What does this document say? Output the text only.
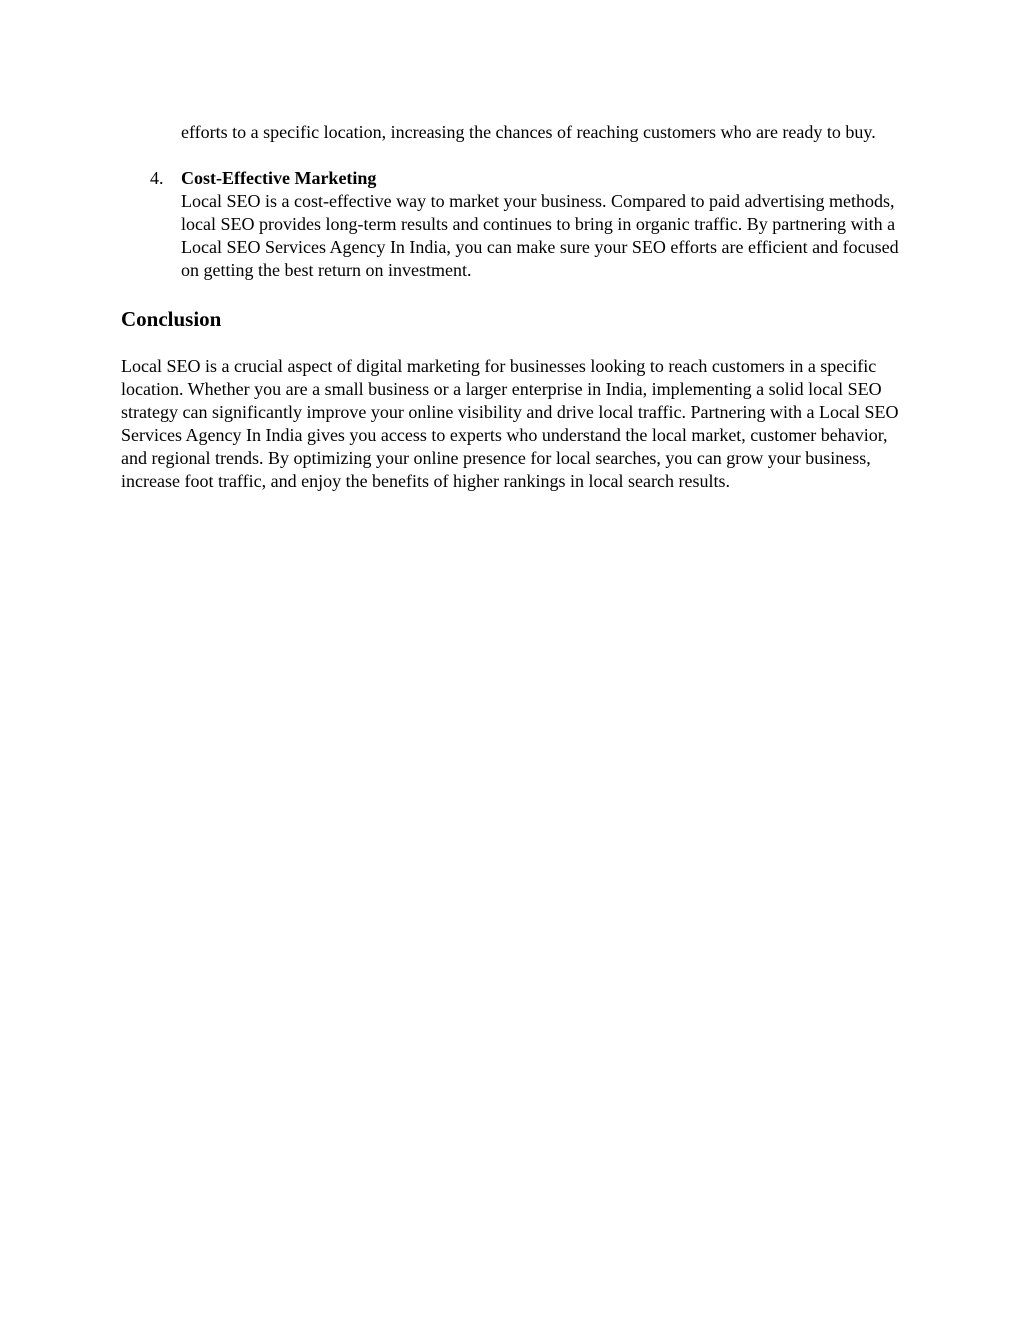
efforts to a specific location, increasing the chances of reaching customers who are ready to buy.
4. Cost-Effective Marketing
Local SEO is a cost-effective way to market your business. Compared to paid advertising methods, local SEO provides long-term results and continues to bring in organic traffic. By partnering with a Local SEO Services Agency In India, you can make sure your SEO efforts are efficient and focused on getting the best return on investment.
Conclusion

Local SEO is a crucial aspect of digital marketing for businesses looking to reach customers in a specific location. Whether you are a small business or a larger enterprise in India, implementing a solid local SEO strategy can significantly improve your online visibility and drive local traffic. Partnering with a Local SEO Services Agency In India gives you access to experts who understand the local market, customer behavior, and regional trends. By optimizing your online presence for local searches, you can grow your business, increase foot traffic, and enjoy the benefits of higher rankings in local search results.
